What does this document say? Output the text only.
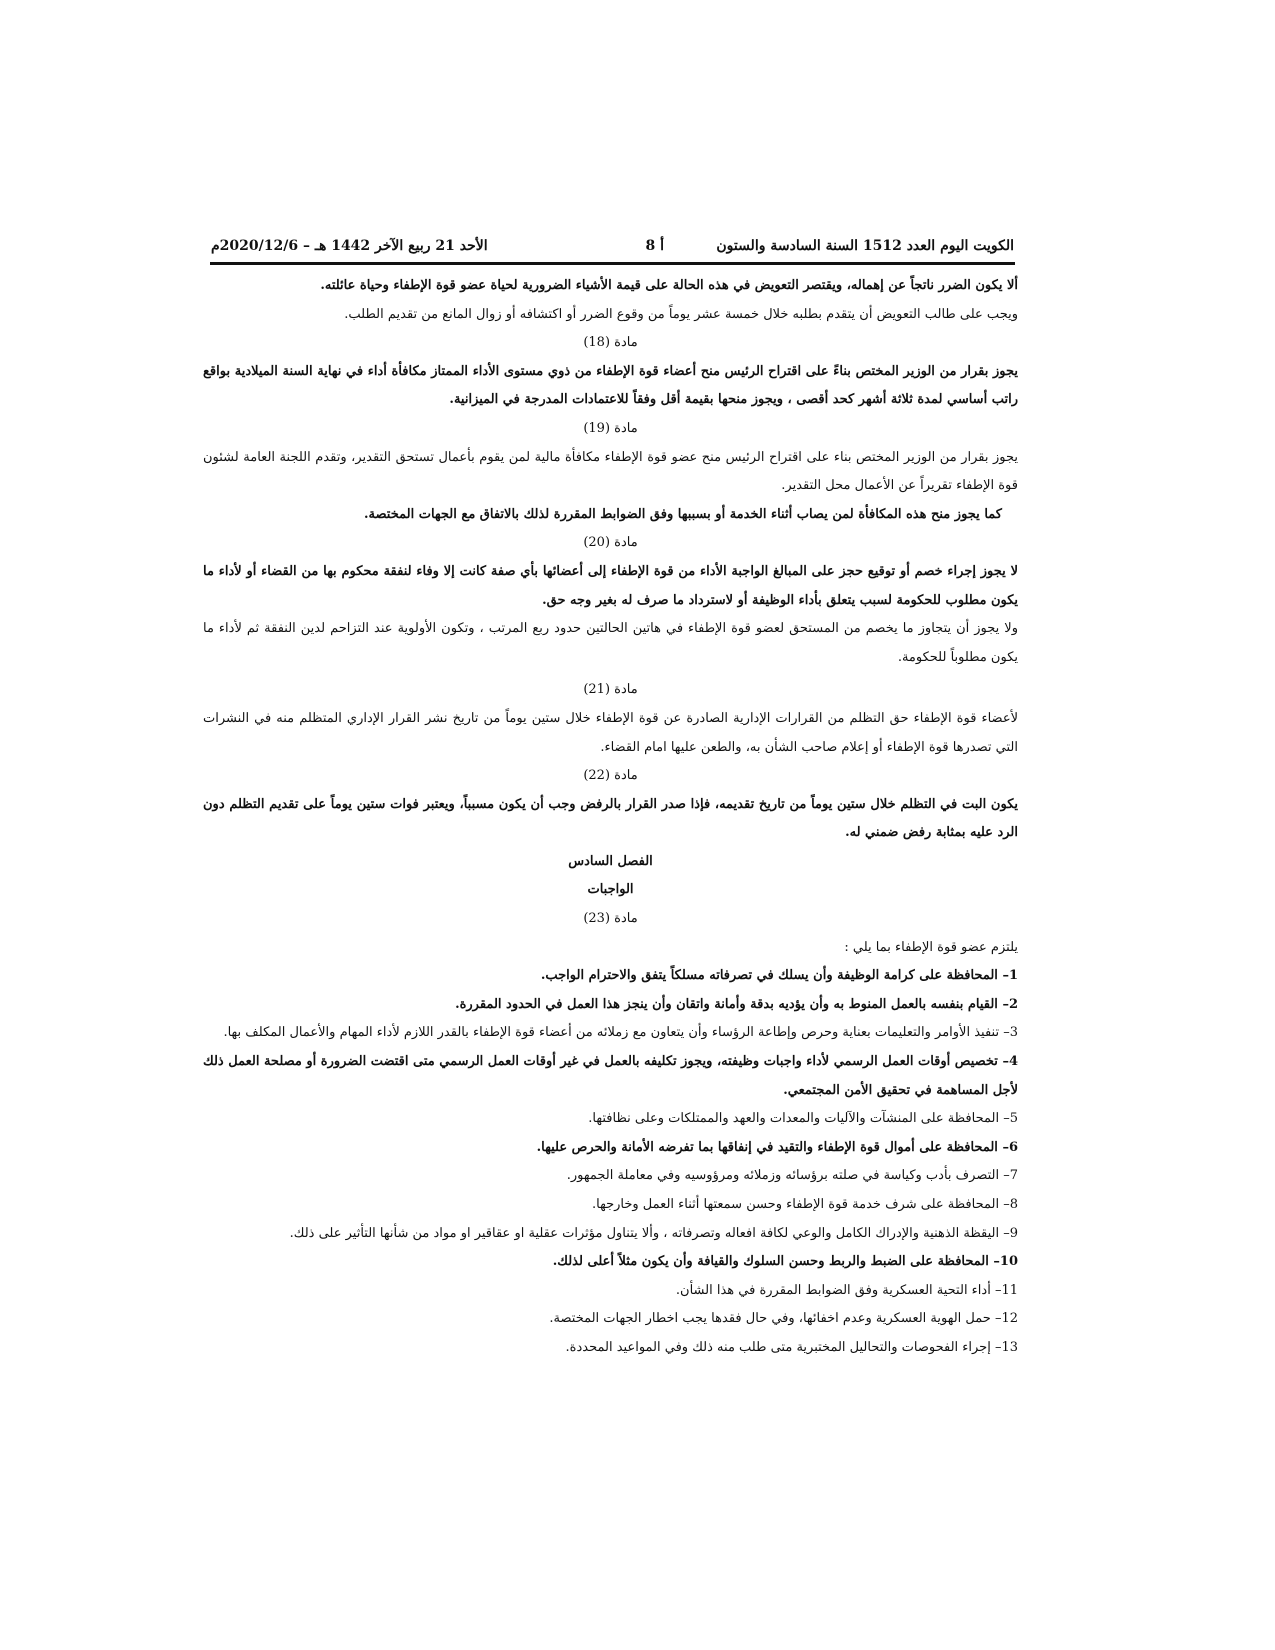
الكويت اليوم العدد 1512 السنة السادسة والستون
أ 8
الأحد 21 ربيع الآخر 1442 هـ – 2020/12/6م

ألا يكون الضرر ناتجاً عن إهماله، ويقتصر التعويض في هذه الحالة على قيمة الأشياء الضرورية لحياة عضو قوة الإطفاء وحياة عائلته.

ويجب على طالب التعويض أن يتقدم بطلبه خلال خمسة عشر يوماً من وقوع الضرر أو اكتشافه أو زوال المانع من تقديم الطلب.

مادة (18)

يجوز بقرار من الوزير المختص بناءً على اقتراح الرئيس منح أعضاء قوة الإطفاء من ذوي مستوى الأداء الممتاز مكافأة أداء في نهاية السنة الميلادية بواقع راتب أساسي لمدة ثلاثة أشهر كحد أقصى ، ويجوز منحها بقيمة أقل وفقاً للاعتمادات المدرجة في الميزانية.

مادة (19)

يجوز بقرار من الوزير المختص بناء على اقتراح الرئيس منح عضو قوة الإطفاء مكافأة مالية لمن يقوم بأعمال تستحق التقدير، وتقدم اللجنة العامة لشئون قوة الإطفاء تقريراً عن الأعمال محل التقدير.

كما يجوز منح هذه المكافأة لمن يصاب أثناء الخدمة أو بسببها وفق الضوابط المقررة لذلك بالاتفاق مع الجهات المختصة.

مادة (20)

لا يجوز إجراء خصم أو توقيع حجز على المبالغ الواجبة الأداء من قوة الإطفاء إلى أعضائها بأي صفة كانت إلا وفاء لنفقة محكوم بها من القضاء أو لأداء ما يكون مطلوب للحكومة لسبب يتعلق بأداء الوظيفة أو لاسترداد ما صرف له بغير وجه حق.

ولا يجوز أن يتجاوز ما يخصم من المستحق لعضو قوة الإطفاء في هاتين الحالتين حدود ربع المرتب ، وتكون الأولوية عند التزاحم لدين النفقة ثم لأداء ما يكون مطلوباً للحكومة.

مادة (21)

لأعضاء قوة الإطفاء حق التظلم من القرارات الإدارية الصادرة عن قوة الإطفاء خلال ستين يوماً من تاريخ نشر القرار الإداري المتظلم منه في النشرات التي تصدرها قوة الإطفاء أو إعلام صاحب الشأن به، والطعن عليها امام القضاء.

مادة (22)

يكون البت في التظلم خلال ستين يوماً من تاريخ تقديمه، فإذا صدر القرار بالرفض وجب أن يكون مسبباً، ويعتبر فوات ستين يوماً على تقديم التظلم دون الرد عليه بمثابة رفض ضمني له.

الفصل السادس

الواجبات

مادة (23)

يلتزم عضو قوة الإطفاء بما يلي :

1– المحافظة على كرامة الوظيفة وأن يسلك في تصرفاته مسلكاً يتفق والاحترام الواجب.

2– القيام بنفسه بالعمل المنوط به وأن يؤديه بدقة وأمانة واتقان وأن ينجز هذا العمل في الحدود المقررة.

3– تنفيذ الأوامر والتعليمات بعناية وحرص وإطاعة الرؤساء وأن يتعاون مع زملائه من أعضاء قوة الإطفاء بالقدر اللازم لأداء المهام والأعمال المكلف بها.

4– تخصيص أوقات العمل الرسمي لأداء واجبات وظيفته، ويجوز تكليفه بالعمل في غير أوقات العمل الرسمي متى اقتضت الضرورة أو مصلحة العمل ذلك لأجل المساهمة في تحقيق الأمن المجتمعي.

5– المحافظة على المنشآت والآليات والمعدات والعهد والممتلكات وعلى نظافتها.

6– المحافظة على أموال قوة الإطفاء والتقيد في إنفاقها بما تفرضه الأمانة والحرص عليها.

7– التصرف بأدب وكياسة في صلته برؤسائه وزملائه ومرؤوسيه وفي معاملة الجمهور.

8– المحافظة على شرف خدمة قوة الإطفاء وحسن سمعتها أثناء العمل وخارجها.

9– اليقظة الذهنية والإدراك الكامل والوعي لكافة افعاله وتصرفاته ، وألا يتناول مؤثرات عقلية او عقاقير او مواد من شأنها التأثير على ذلك.

10– المحافظة على الضبط والربط وحسن السلوك والقيافة وأن يكون مثلاً أعلى لذلك.

11– أداء التحية العسكرية وفق الضوابط المقررة في هذا الشأن.

12– حمل الهوية العسكرية وعدم اخفائها، وفي حال فقدها يجب اخطار الجهات المختصة.

13– إجراء الفحوصات والتحاليل المختبرية متى طلب منه ذلك وفي المواعيد المحددة.
